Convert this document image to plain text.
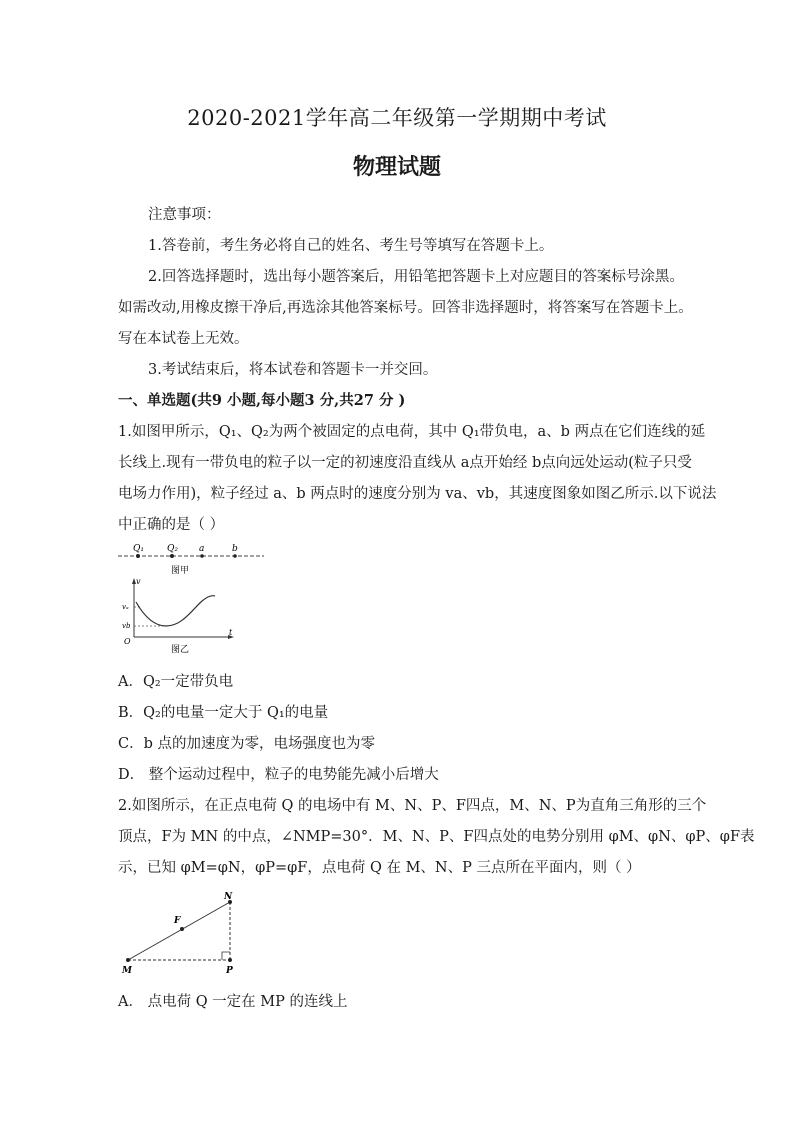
2020-2021学年高二年级第一学期期中考试
物理试题

注意事项：

1.答卷前，考生务必将自己的姓名、考生号等填写在答题卡上。

2.回答选择题时，选出每小题答案后，用铅笔把答题卡上对应题目的答案标号涂黑。

如需改动,用橡皮擦干净后,再选涂其他答案标号。回答非选择题时，将答案写在答题卡上。

写在本试卷上无效。

3.考试结束后，将本试卷和答题卡一并交回。

一、单选题(共9 小题,每小题3 分,共27 分 )

1.如图甲所示，Q₁、Q₂为两个被固定的点电荷，其中 Q₁带负电，a、b 两点在它们连线的延

长线上.现有一带负电的粒子以一定的初速度沿直线从 a点开始经 b点向远处运动(粒子只受

电场力作用)，粒子经过 a、b 两点时的速度分别为 va、vb，其速度图象如图乙所示.以下说法

中正确的是（ ）

Q₁	Q₂ a	b
图甲
v
vₐ
vb
O
t
图乙

A．Q₂一定带负电

B．Q₂的电量一定大于 Q₁的电量

C．b 点的加速度为零，电场强度也为零

D． 整个运动过程中，粒子的电势能先减小后增大

2.如图所示，在正点电荷 Q 的电场中有 M、N、P、F四点，M、N、P为直角三角形的三个

顶点，F为 MN 的中点，∠NMP=30°．M、N、P、F四点处的电势分别用 φM、φN、φP、φF表

示，已知 φM=φN，φP=φF，点电荷 Q 在 M、N、P 三点所在平面内，则（ ）

N
F
M	P

A． 点电荷 Q 一定在 MP 的连线上
